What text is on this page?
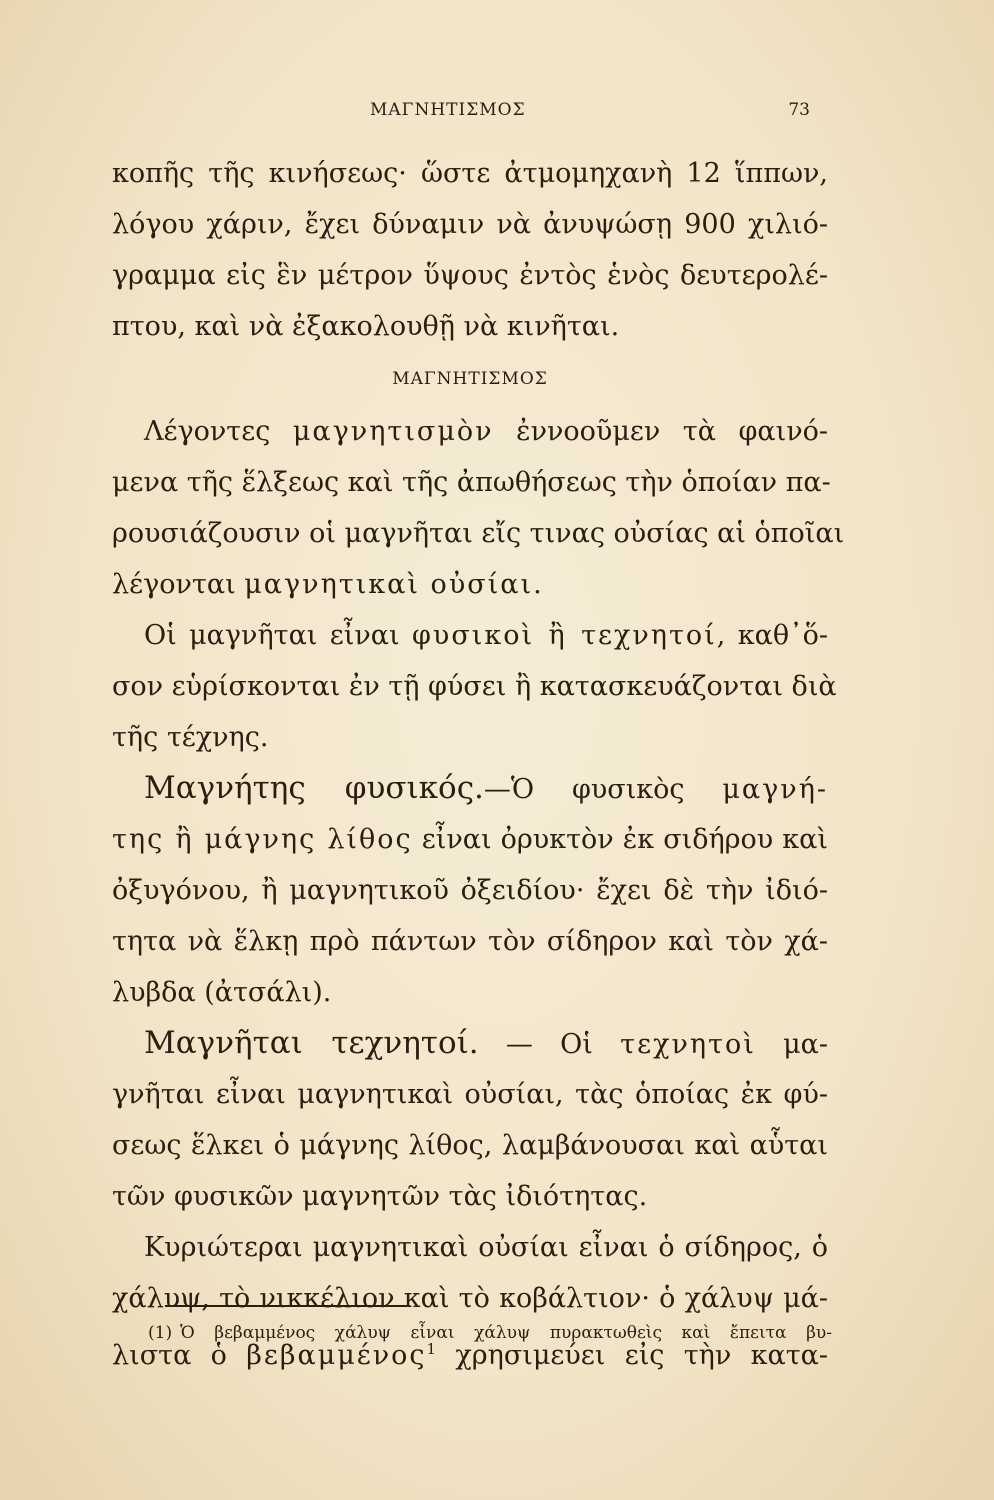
ΜΑΓΝΗΤΙΣΜΟΣ	73
κοπῆς τῆς κινήσεως· ὥστε ἀτμομηχανὴ 12 ἵππων,
λόγου χάριν, ἔχει δύναμιν νὰ ἀνυψώσῃ 900 χιλιό-
γραμμα εἰς ἓν μέτρον ὕψους ἐντὸς ἑνὸς δευτερολέ-
πτου, καὶ νὰ ἐξακολουθῇ νὰ κινῆται.
ΜΑΓΝΗΤΙΣΜΟΣ
Λέγοντες μαγνητισμὸν ἐννοοῦμεν τὰ φαινό-
μενα τῆς ἕλξεως καὶ τῆς ἀπωθήσεως τὴν ὁποίαν πα-
ρουσιάζουσιν οἱ μαγνῆται εἴς τινας οὐσίας αἱ ὁποῖαι
λέγονται μαγνητικαὶ οὐσίαι.
Οἱ μαγνῆται εἶναι φυσικοὶ ἢ τεχνητοί, καθ᾽ὅ-
σον εὑρίσκονται ἐν τῇ φύσει ἢ κατασκευάζονται διὰ
τῆς τέχνης.
Μαγνήτης φυσικός.—Ὁ φυσικὸς μαγνή-
της ἢ μάγνης λίθος εἶναι ὀρυκτὸν ἐκ σιδήρου καὶ
ὀξυγόνου, ἢ μαγνητικοῦ ὀξειδίου· ἔχει δὲ τὴν ἰδιό-
τητα νὰ ἕλκῃ πρὸ πάντων τὸν σίδηρον καὶ τὸν χά-
λυβδα (ἀτσάλι).
Μαγνῆται τεχνητοί. — Οἱ τεχνητοὶ μα-
γνῆται εἶναι μαγνητικαὶ οὐσίαι, τὰς ὁποίας ἐκ φύ-
σεως ἕλκει ὁ μάγνης λίθος, λαμβάνουσαι καὶ αὗται
τῶν φυσικῶν μαγνητῶν τὰς ἰδιότητας.
Κυριώτεραι μαγνητικαὶ οὐσίαι εἶναι ὁ σίδηρος, ὁ
χάλυψ, τὸ νικκέλιον καὶ τὸ κοβάλτιον· ὁ χάλυψ μά-
λιστα ὁ βεβαμμένος$^1$ χρησιμεύει εἰς τὴν κατα-
(1) Ὁ βεβαμμένος χάλυψ εἶναι χάλυψ πυρακτωθεὶς καὶ ἔπειτα βυ-
